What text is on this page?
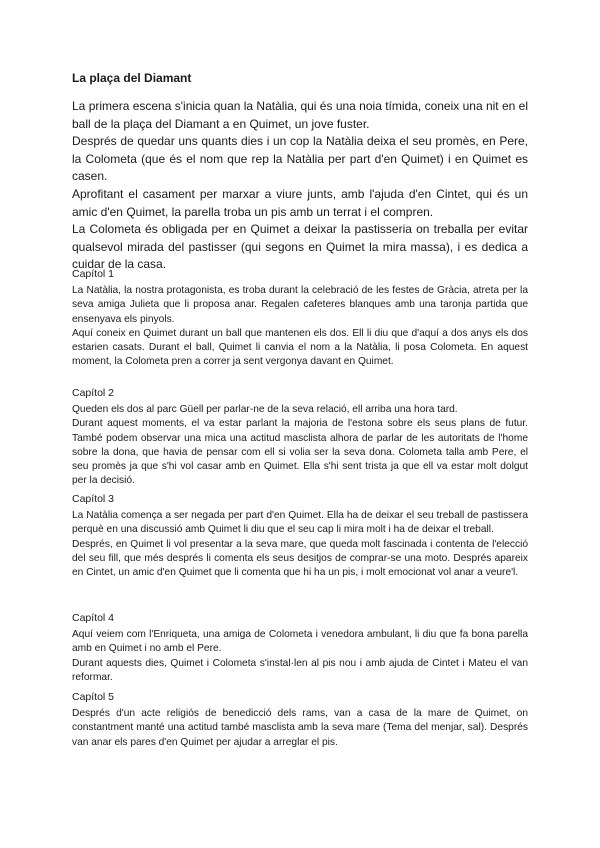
La plaça del Diamant

La primera escena s'inicia quan la Natàlia, qui és una noia tímida, coneix una nit en el ball de la plaça del Diamant a en Quimet, un jove fuster.

Després de quedar uns quants dies i un cop la Natàlia deixa el seu promès, en Pere, la Colometa (que és el nom que rep la Natàlia per part d'en Quimet) i en Quimet es casen.

Aprofitant el casament per marxar a viure junts, amb l'ajuda d'en Cintet, qui és un amic d'en Quimet, la parella troba un pis amb un terrat i el compren.

La Colometa és obligada per en Quimet a deixar la pastisseria on treballa per evitar qualsevol mirada del pastisser (qui segons en Quimet la mira massa), i es dedica a cuidar de la casa.

Capítol 1

La Natàlia, la nostra protagonista, es troba durant la celebració de les festes de Gràcia, atreta per la seva amiga Julieta que li proposa anar. Regalen cafeteres blanques amb una taronja partida que ensenyava els pinyols.

Aquí coneix en Quimet durant un ball que mantenen els dos. Ell li diu que d'aquí a dos anys els dos estarien casats. Durant el ball, Quimet li canvia el nom a la Natàlia, li posa Colometa. En aquest moment, la Colometa pren a correr ja sent vergonya davant en Quimet.

Capítol 2

Queden els dos al parc Güell per parlar-ne de la seva relació, ell arriba una hora tard.

Durant aquest moments, el va estar parlant la majoria de l'estona sobre els seus plans de futur. També podem observar una mica una actitud masclista alhora de parlar de les autoritats de l'home sobre la dona, que havia de pensar com ell si volia ser la seva dona. Colometa talla amb Pere, el seu promès ja que s'hi vol casar amb en Quimet. Ella s'hi sent trista ja que ell va estar molt dolgut per la decisió.

Capítol 3

La Natàlia comença a ser negada per part d'en Quimet. Ella ha de deixar el seu treball de pastissera perquè en una discussió amb Quimet li diu que el seu cap li mira molt i ha de deixar el treball.

Després, en Quimet li vol presentar a la seva mare, que queda molt fascinada i contenta de l'elecció del seu fill, que més després li comenta els seus desitjos de comprar-se una moto. Després apareix en Cintet, un amic d'en Quimet que li comenta que hi ha un pis, i molt emocionat vol anar a veure'l.

Capítol 4

Aquí veiem com l'Enriqueta, una amiga de Colometa i venedora ambulant, li diu que fa bona parella amb en Quimet i no amb el Pere.

Durant aquests dies, Quimet i Colometa s'instal·len al pis nou i amb ajuda de Cintet i Mateu el van reformar.

Capítol 5

Després d'un acte religiós de benedicció dels rams, van a casa de la mare de Quimet, on constantment manté una actitud també masclista amb la seva mare (Tema del menjar, sal). Després van anar els pares d'en Quimet per ajudar a arreglar el pis.
